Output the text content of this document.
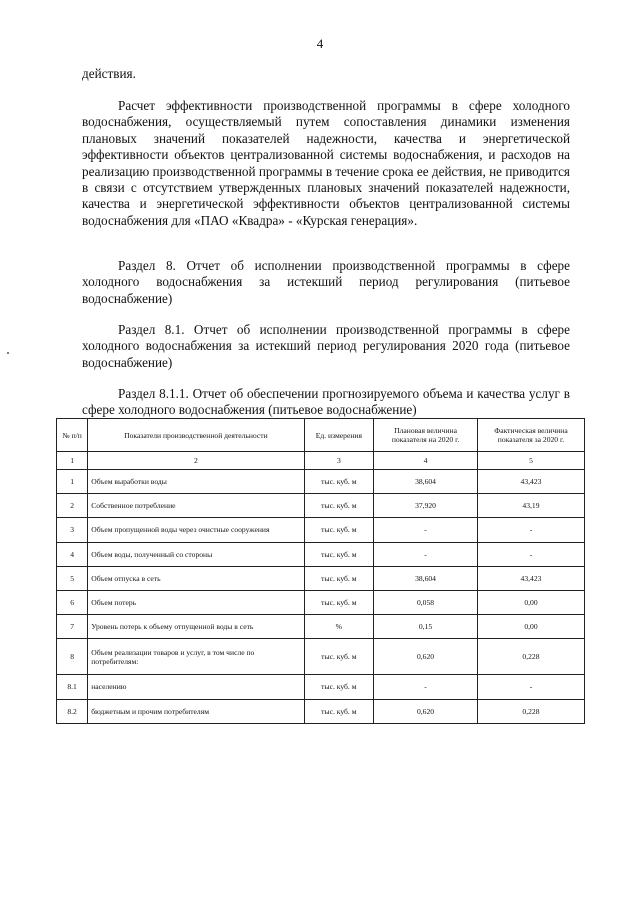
4
действия.
Расчет эффективности производственной программы в сфере холодного водоснабжения, осуществляемый путем сопоставления динамики изменения плановых значений показателей надежности, качества и энергетической эффективности объектов централизованной системы водоснабжения, и расходов на реализацию производственной программы в течение срока ее действия, не приводится в связи с отсутствием утвержденных плановых значений показателей надежности, качества и энергетической эффективности объектов централизованной системы водоснабжения для «ПАО «Квадра» - «Курская генерация».
Раздел 8. Отчет об исполнении производственной программы в сфере холодного водоснабжения за истекший период регулирования (питьевое водоснабжение)
Раздел 8.1. Отчет об исполнении производственной программы в сфере холодного водоснабжения за истекший период регулирования 2020 года (питьевое водоснабжение)
Раздел 8.1.1. Отчет об обеспечении прогнозируемого объема и качества услуг в сфере холодного водоснабжения (питьевое водоснабжение)
№ п/п	Показатели производственной деятельности	Ед. измерения	Плановая величина показателя на 2020 г.	Фактическая величина показателя за 2020 г.
1	2	3	4	5
1	Объем выработки воды	тыс. куб. м	38,604	43,423
2	Собственное потребление	тыс. куб. м	37,920	43,19
3	Объем пропущенной воды через очистные сооружения	тыс. куб. м	-	-
4	Объем воды, полученный со стороны	тыс. куб. м	-	-
5	Объем отпуска в сеть	тыс. куб. м	38,604	43,423
6	Объем потерь	тыс. куб. м	0,058	0,00
7	Уровень потерь к объему отпущенной воды в сеть	%	0,15	0,00
8	Объем реализации товаров и услуг, в том числе по потребителям:	тыс. куб. м	0,620	0,228
8.1	населению	тыс. куб. м	-	-
8.2	бюджетным и прочим потребителям	тыс. куб. м	0,620	0,228
